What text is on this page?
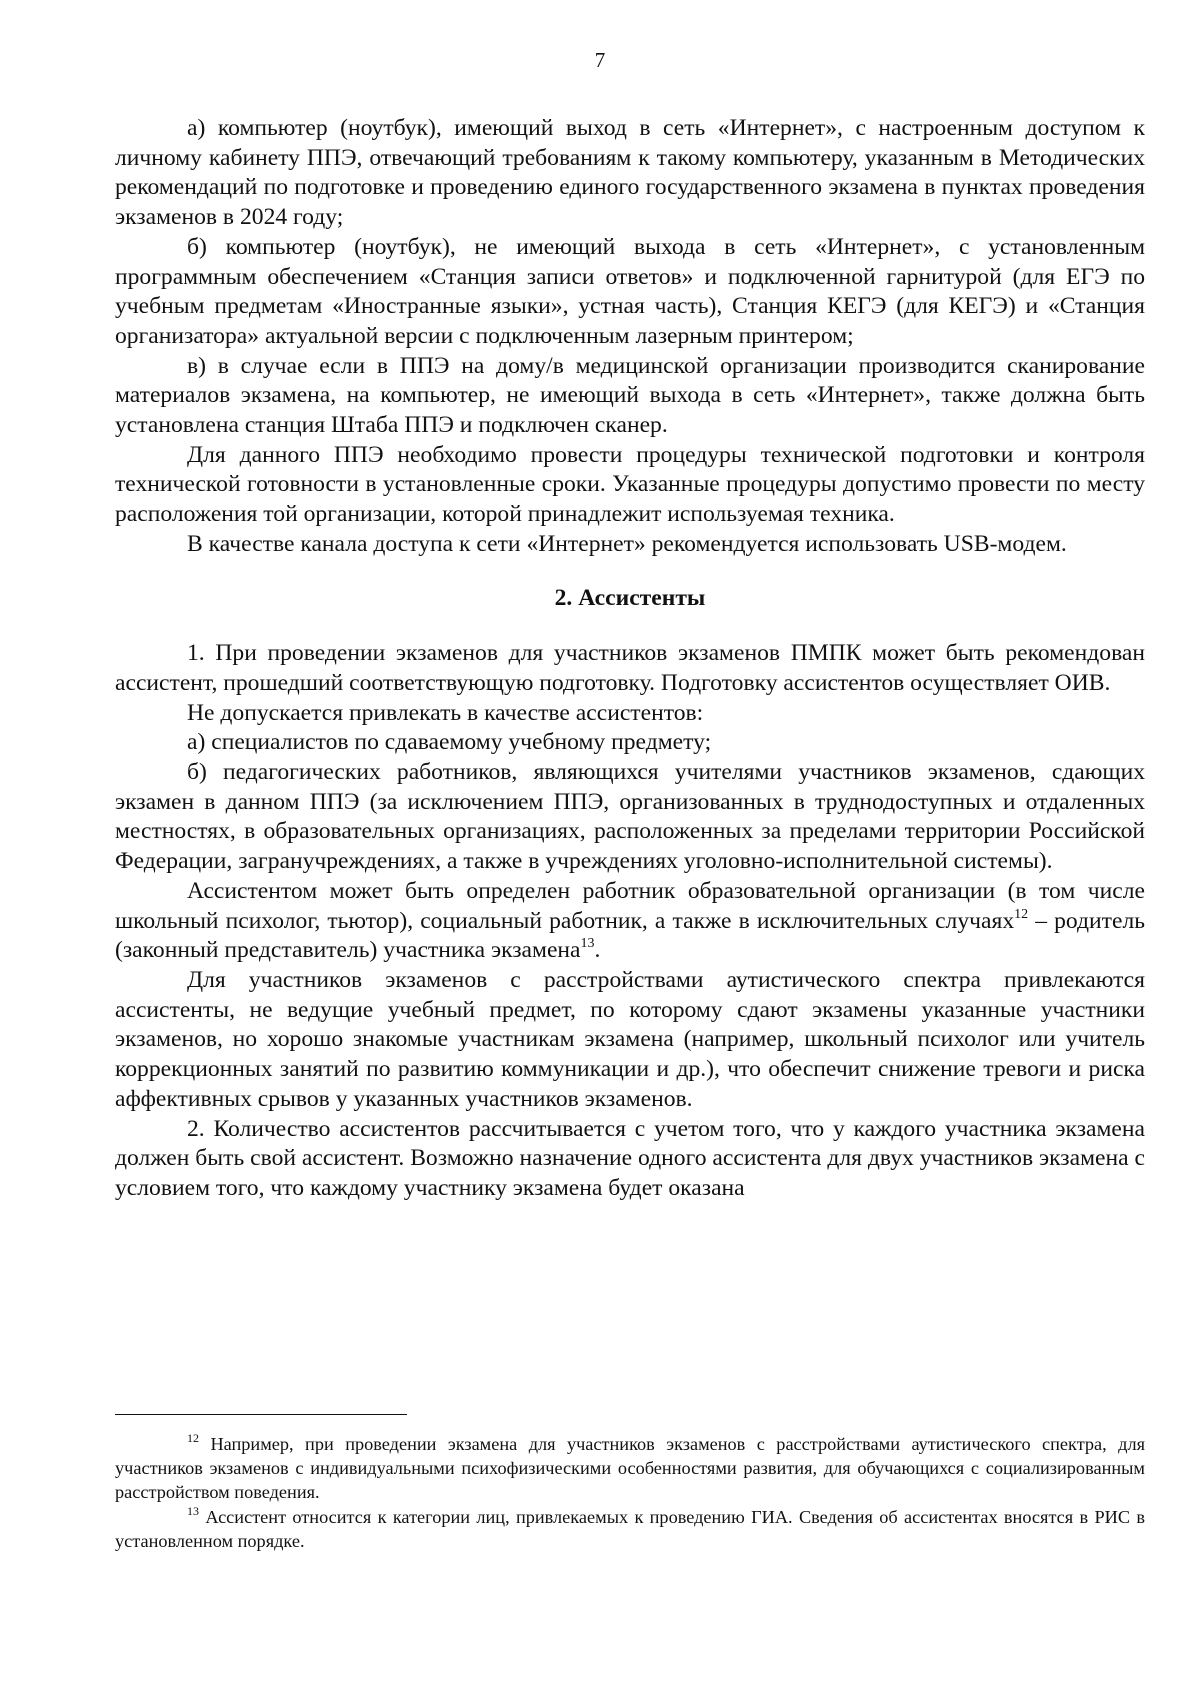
7

а) компьютер (ноутбук), имеющий выход в сеть «Интернет», с настроенным доступом к личному кабинету ППЭ, отвечающий требованиям к такому компьютеру, указанным в Методических рекомендаций по подготовке и проведению единого государственного экзамена в пунктах проведения экзаменов в 2024 году;

б) компьютер (ноутбук), не имеющий выхода в сеть «Интернет», с установленным программным обеспечением «Станция записи ответов» и подключенной гарнитурой (для ЕГЭ по учебным предметам «Иностранные языки», устная часть), Станция КЕГЭ (для КЕГЭ) и «Станция организатора» актуальной версии с подключенным лазерным принтером;

в) в случае если в ППЭ на дому/в медицинской организации производится сканирование материалов экзамена, на компьютер, не имеющий выхода в сеть «Интернет», также должна быть установлена станция Штаба ППЭ и подключен сканер.

Для данного ППЭ необходимо провести процедуры технической подготовки и контроля технической готовности в установленные сроки. Указанные процедуры допустимо провести по месту расположения той организации, которой принадлежит используемая техника.

В качестве канала доступа к сети «Интернет» рекомендуется использовать USB-модем.

2. Ассистенты

1. При проведении экзаменов для участников экзаменов ПМПК может быть рекомендован ассистент, прошедший соответствующую подготовку. Подготовку ассистентов осуществляет ОИВ.

Не допускается привлекать в качестве ассистентов:

а) специалистов по сдаваемому учебному предмету;

б) педагогических работников, являющихся учителями участников экзаменов, сдающих экзамен в данном ППЭ (за исключением ППЭ, организованных в труднодоступных и отдаленных местностях, в образовательных организациях, расположенных за пределами территории Российской Федерации, загранучреждениях, а также в учреждениях уголовно-исполнительной системы).

Ассистентом может быть определен работник образовательной организации (в том числе школьный психолог, тьютор), социальный работник, а также в исключительных случаях$^{12}$ – родитель (законный представитель) участника экзамена$^{13}$.

Для участников экзаменов с расстройствами аутистического спектра привлекаются ассистенты, не ведущие учебный предмет, по которому сдают экзамены указанные участники экзаменов, но хорошо знакомые участникам экзамена (например, школьный психолог или учитель коррекционных занятий по развитию коммуникации и др.), что обеспечит снижение тревоги и риска аффективных срывов у указанных участников экзаменов.

2. Количество ассистентов рассчитывается с учетом того, что у каждого участника экзамена должен быть свой ассистент. Возможно назначение одного ассистента для двух участников экзамена с условием того, что каждому участнику экзамена будет оказана

$^{12}$ Например, при проведении экзамена для участников экзаменов с расстройствами аутистического спектра, для участников экзаменов с индивидуальными психофизическими особенностями развития, для обучающихся с социализированным расстройством поведения.

$^{13}$ Ассистент относится к категории лиц, привлекаемых к проведению ГИА. Сведения об ассистентах вносятся в РИС в установленном порядке.
